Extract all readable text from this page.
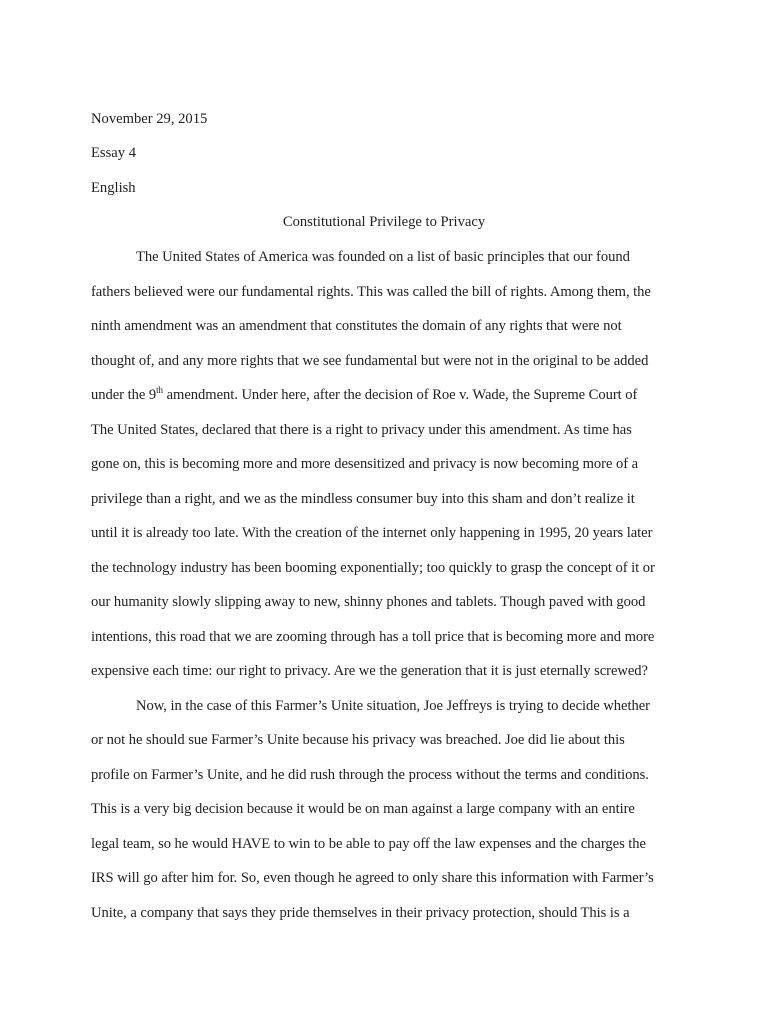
November 29, 2015
Essay 4
English
Constitutional Privilege to Privacy
The United States of America was founded on a list of basic principles that our found
fathers believed were our fundamental rights. This was called the bill of rights. Among them, the
ninth amendment was an amendment that constitutes the domain of any rights that were not
thought of, and any more rights that we see fundamental but were not in the original to be added
under the 9th amendment. Under here, after the decision of Roe v. Wade, the Supreme Court of
The United States, declared that there is a right to privacy under this amendment. As time has
gone on, this is becoming more and more desensitized and privacy is now becoming more of a
privilege than a right, and we as the mindless consumer buy into this sham and don’t realize it
until it is already too late. With the creation of the internet only happening in 1995, 20 years later
the technology industry has been booming exponentially; too quickly to grasp the concept of it or
our humanity slowly slipping away to new, shinny phones and tablets. Though paved with good
intentions, this road that we are zooming through has a toll price that is becoming more and more
expensive each time: our right to privacy. Are we the generation that it is just eternally screwed?
Now, in the case of this Farmer’s Unite situation, Joe Jeffreys is trying to decide whether
or not he should sue Farmer’s Unite because his privacy was breached. Joe did lie about this
profile on Farmer’s Unite, and he did rush through the process without the terms and conditions.
This is a very big decision because it would be on man against a large company with an entire
legal team, so he would HAVE to win to be able to pay off the law expenses and the charges the
IRS will go after him for. So, even though he agreed to only share this information with Farmer’s
Unite, a company that says they pride themselves in their privacy protection, should This is a
